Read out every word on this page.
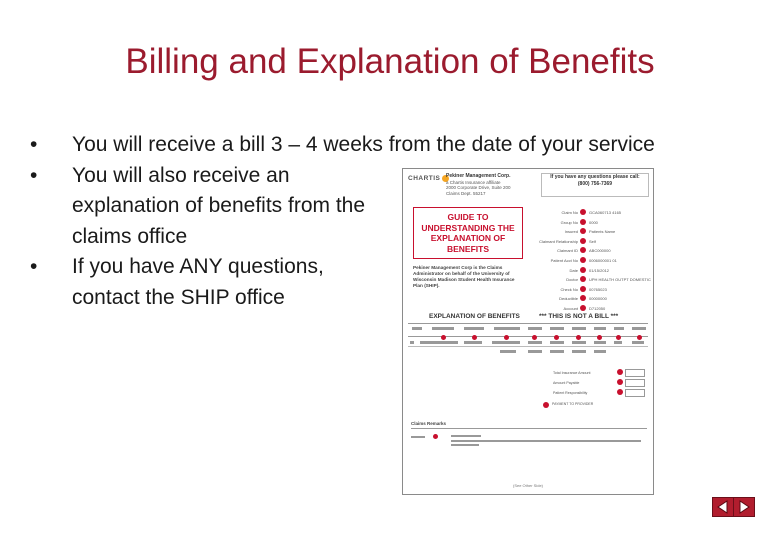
Billing and Explanation of Benefits
•	You will receive a bill 3 – 4 weeks from the date of your service
•	You will also receive an explanation of benefits from the claims office
•	If you have ANY questions, contact the SHIP office
CHARTIS	Pekiner Management Corp.
a Chartis Insurance affiliate
2000 Corporate Drive, Suite 200
Claims Dept. 55217
If you have any questions please call:
(800) 756-7369
GUIDE TO UNDERSTANDING THE EXPLANATION OF BENEFITS
Pekiner Management Corp is the Claims Administrator on behalf of the University of Wisconsin Madison Student Health Insurance Plan (SHIP).
Claim No	GCA060713 4165
Group No	0000
Insured	Patients Name
Claimant Relationship	Self
Claimant ID	ABC000000
Patient Acct No	0006000001 01
Date	01/15/2012
Doctor	UPH HEALTH OUTPT DOMESTIC
Check No	00765023
Deductible	00000000
Account	D712050
EXPLANATION OF BENEFITS	*** THIS IS NOT A BILL ***
Total Insurance Amount
Amount Payable
Patient Responsibility
PAYMENT TO PROVIDER
Claims Remarks
(See Other Side)
